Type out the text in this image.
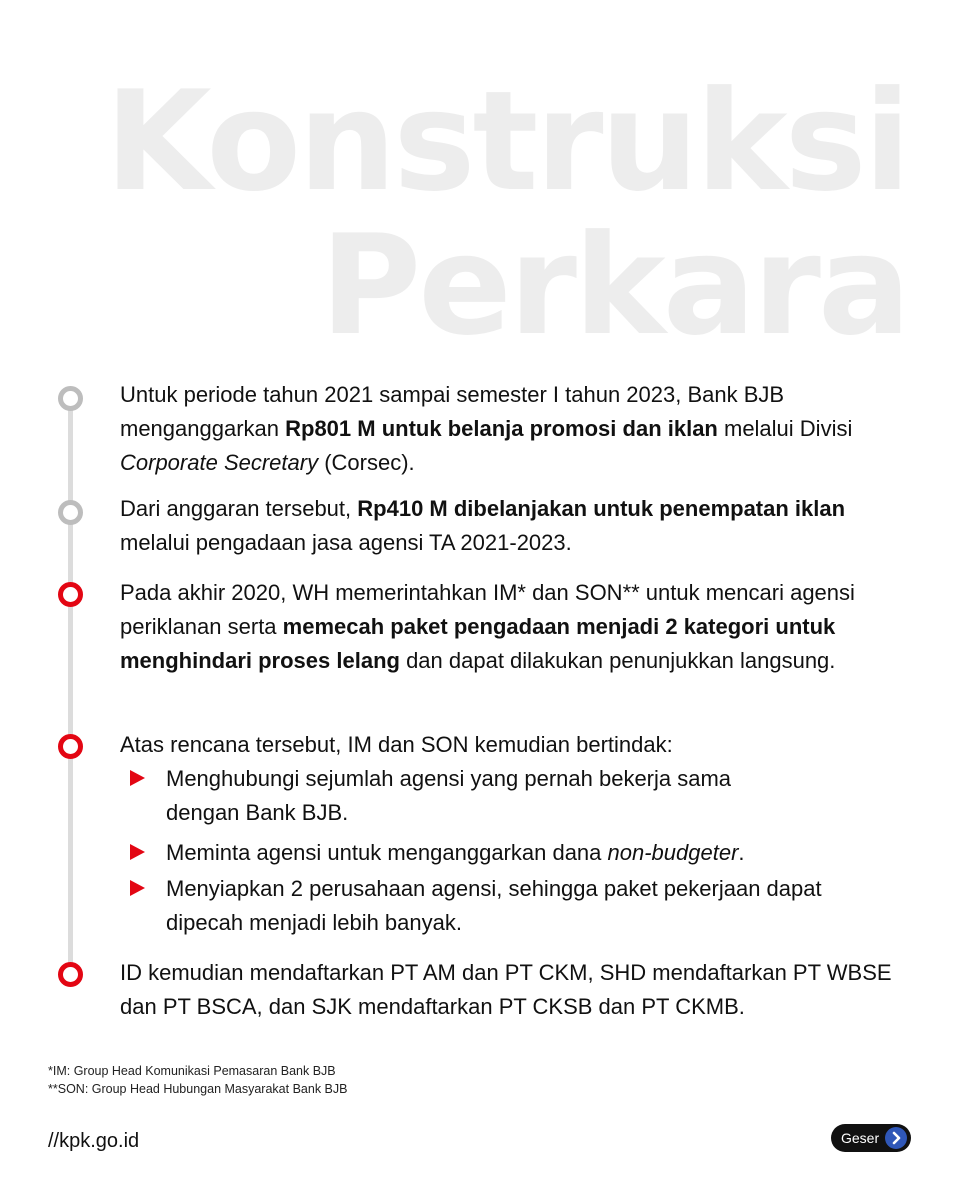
Konstruksi
Perkara

Untuk periode tahun 2021 sampai semester I tahun 2023, Bank BJB menganggarkan Rp801 M untuk belanja promosi dan iklan melalui Divisi Corporate Secretary (Corsec).

Dari anggaran tersebut, Rp410 M dibelanjakan untuk penempatan iklan melalui pengadaan jasa agensi TA 2021-2023.

Pada akhir 2020, WH memerintahkan IM* dan SON** untuk mencari agensi periklanan serta memecah paket pengadaan menjadi 2 kategori untuk menghindari proses lelang dan dapat dilakukan penunjukkan langsung.

Atas rencana tersebut, IM dan SON kemudian bertindak:

Menghubungi sejumlah agensi yang pernah bekerja sama dengan Bank BJB.

Meminta agensi untuk menganggarkan dana non-budgeter.

Menyiapkan 2 perusahaan agensi, sehingga paket pekerjaan dapat dipecah menjadi lebih banyak.

ID kemudian mendaftarkan PT AM dan PT CKM, SHD mendaftarkan PT WBSE dan PT BSCA, dan SJK mendaftarkan PT CKSB dan PT CKMB.

*IM: Group Head Komunikasi Pemasaran Bank BJB

**SON: Group Head Hubungan Masyarakat Bank BJB

//kpk.go.id	Geser
